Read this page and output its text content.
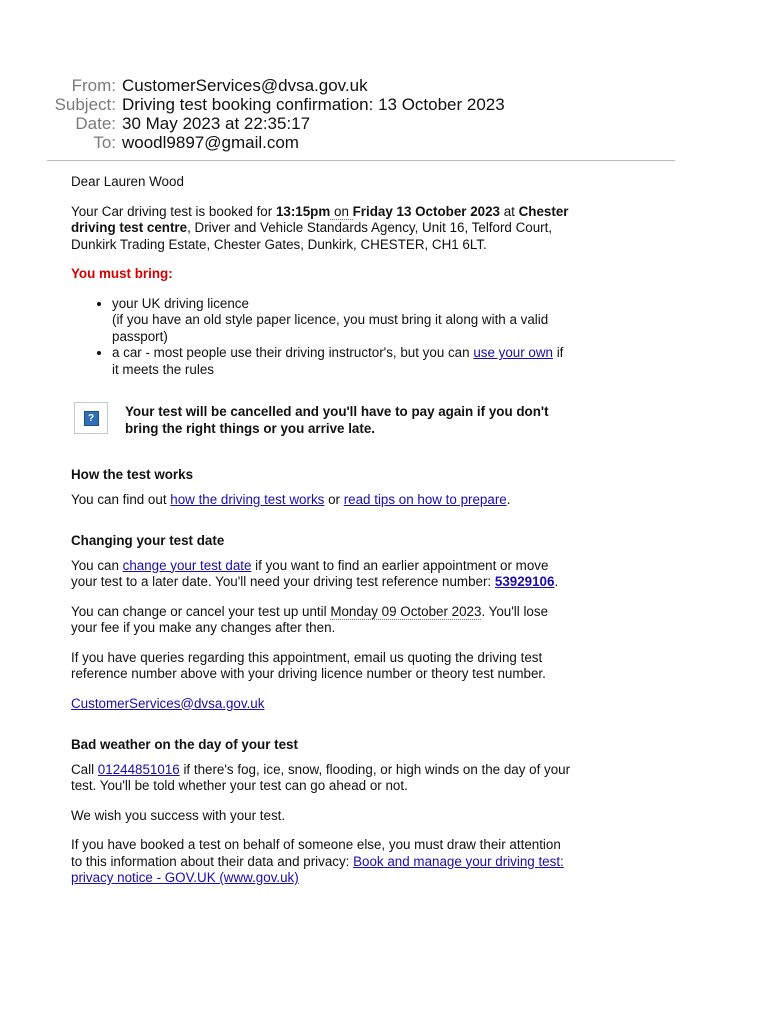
From: CustomerServices@dvsa.gov.uk
Subject: Driving test booking confirmation: 13 October 2023
Date: 30 May 2023 at 22:35:17
To: woodl9897@gmail.com

Dear Lauren Wood

Your Car driving test is booked for 13:15pm on Friday 13 October 2023 at Chester driving test centre, Driver and Vehicle Standards Agency, Unit 16, Telford Court, Dunkirk Trading Estate, Chester Gates, Dunkirk, CHESTER, CH1 6LT.

You must bring:

• your UK driving licence
(if you have an old style paper licence, you must bring it along with a valid passport)
• a car - most people use their driving instructor's, but you can use your own if it meets the rules
?	Your test will be cancelled and you'll have to pay again if you don't bring the right things or you arrive late.
How the test works

You can find out how the driving test works or read tips on how to prepare.

Changing your test date

You can change your test date if you want to find an earlier appointment or move your test to a later date. You'll need your driving test reference number: 53929106.

You can change or cancel your test up until Monday 09 October 2023. You'll lose your fee if you make any changes after then.

If you have queries regarding this appointment, email us quoting the driving test reference number above with your driving licence number or theory test number.

CustomerServices@dvsa.gov.uk

Bad weather on the day of your test

Call 01244851016 if there's fog, ice, snow, flooding, or high winds on the day of your test. You'll be told whether your test can go ahead or not.

We wish you success with your test.

If you have booked a test on behalf of someone else, you must draw their attention to this information about their data and privacy: Book and manage your driving test: privacy notice - GOV.UK (www.gov.uk)
